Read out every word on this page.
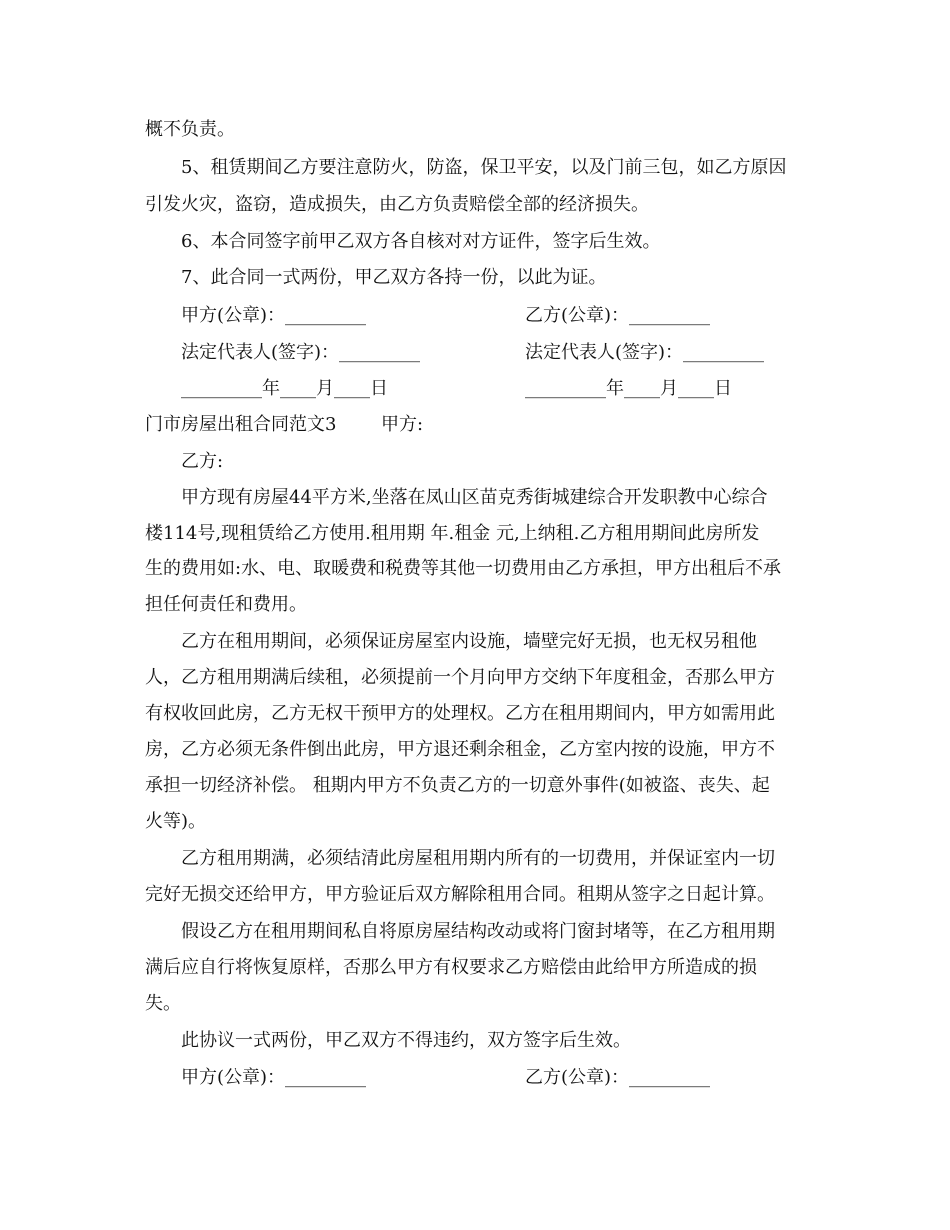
概不负责。
5、租赁期间乙方要注意防火，防盗，保卫平安，以及门前三包，如乙方原因
引发火灾，盗窃，造成损失，由乙方负责赔偿全部的经济损失。
6、本合同签字前甲乙双方各自核对对方证件，签字后生效。
7、此合同一式两份，甲乙双方各持一份，以此为证。
甲方(公章)：_________	乙方(公章)：_________
法定代表人(签字)：_________	法定代表人(签字)：_________
_________年____月____日	_________年____月____日
门市房屋出租合同范文3 甲方:
乙方:
甲方现有房屋44平方米,坐落在凤山区苗克秀街城建综合开发职教中心综合
楼114号,现租赁给乙方使用.租用期 年.租金 元,上纳租.乙方租用期间此房所发
生的费用如:水、电、取暖费和税费等其他一切费用由乙方承担，甲方出租后不承
担任何责任和费用。
乙方在租用期间，必须保证房屋室内设施，墙壁完好无损，也无权另租他
人，乙方租用期满后续租，必须提前一个月向甲方交纳下年度租金，否那么甲方
有权收回此房，乙方无权干预甲方的处理权。乙方在租用期间内，甲方如需用此
房，乙方必须无条件倒出此房，甲方退还剩余租金，乙方室内按的设施，甲方不
承担一切经济补偿。 租期内甲方不负责乙方的一切意外事件(如被盗、丧失、起
火等)。
乙方租用期满，必须结清此房屋租用期内所有的一切费用，并保证室内一切
完好无损交还给甲方，甲方验证后双方解除租用合同。租期从签字之日起计算。
假设乙方在租用期间私自将原房屋结构改动或将门窗封堵等，在乙方租用期
满后应自行将恢复原样，否那么甲方有权要求乙方赔偿由此给甲方所造成的损
失。
此协议一式两份，甲乙双方不得违约，双方签字后生效。
甲方(公章)：_________	乙方(公章)：_________
